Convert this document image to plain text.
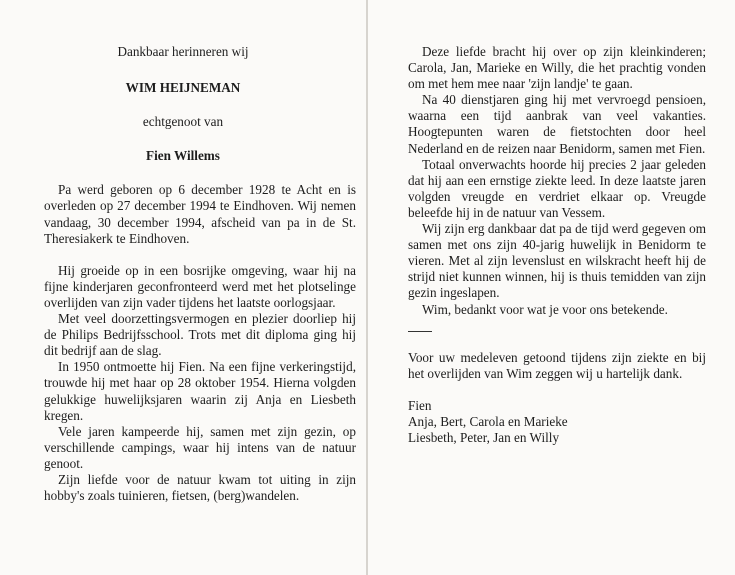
Dankbaar herinneren wij

WIM HEIJNEMAN

echtgenoot van

Fien Willems

Pa werd geboren op 6 december 1928 te Acht en is overleden op 27 december 1994 te Eindhoven. Wij nemen vandaag, 30 december 1994, afscheid van pa in de St. Theresiakerk te Eindhoven.

Hij groeide op in een bosrijke omgeving, waar hij na fijne kinderjaren geconfronteerd werd met het plotselinge overlijden van zijn vader tijdens het laatste oorlogsjaar.

Met veel doorzettingsvermogen en plezier doorliep hij de Philips Bedrijfsschool. Trots met dit diploma ging hij dit bedrijf aan de slag.

In 1950 ontmoette hij Fien. Na een fijne verkeringstijd, trouwde hij met haar op 28 oktober 1954. Hierna volgden gelukkige huwelijksjaren waarin zij Anja en Liesbeth kregen.

Vele jaren kampeerde hij, samen met zijn gezin, op verschillende campings, waar hij intens van de natuur genoot.

Zijn liefde voor de natuur kwam tot uiting in zijn hobby's zoals tuinieren, fietsen, (berg)wandelen.

Deze liefde bracht hij over op zijn kleinkinderen; Carola, Jan, Marieke en Willy, die het prachtig vonden om met hem mee naar 'zijn landje' te gaan.

Na 40 dienstjaren ging hij met vervroegd pensioen, waarna een tijd aanbrak van veel vakanties. Hoogtepunten waren de fietstochten door heel Nederland en de reizen naar Benidorm, samen met Fien.

Totaal onverwachts hoorde hij precies 2 jaar geleden dat hij aan een ernstige ziekte leed. In deze laatste jaren volgden vreugde en verdriet elkaar op. Vreugde beleefde hij in de natuur van Vessem.

Wij zijn erg dankbaar dat pa de tijd werd gegeven om samen met ons zijn 40-jarig huwelijk in Benidorm te vieren. Met al zijn levenslust en wilskracht heeft hij de strijd niet kunnen winnen, hij is thuis temidden van zijn gezin ingeslapen.

Wim, bedankt voor wat je voor ons betekende.

Voor uw medeleven getoond tijdens zijn ziekte en bij het overlijden van Wim zeggen wij u hartelijk dank.

Fien

Anja, Bert, Carola en Marieke

Liesbeth, Peter, Jan en Willy
